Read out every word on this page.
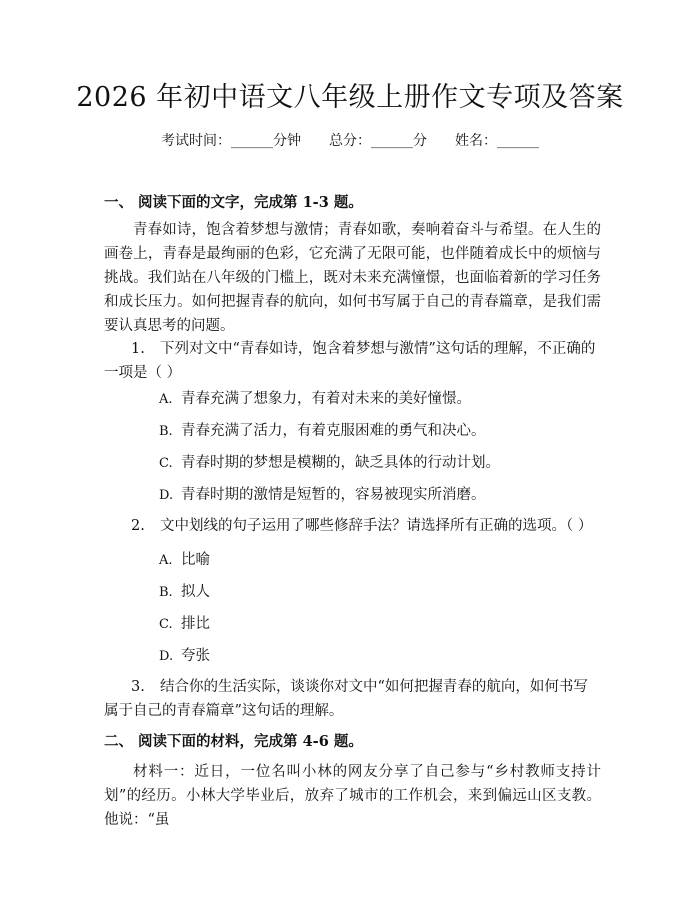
2026 年初中语文八年级上册作文专项及答案
考试时间：______分钟 总分：______分 姓名：______
一、 阅读下面的文字，完成第 1-3 题。
青春如诗，饱含着梦想与激情；青春如歌，奏响着奋斗与希望。在人生的画卷上，青春是最绚丽的色彩，它充满了无限可能，也伴随着成长中的烦恼与挑战。我们站在八年级的门槛上，既对未来充满憧憬，也面临着新的学习任务和成长压力。如何把握青春的航向，如何书写属于自己的青春篇章，是我们需要认真思考的问题。
1. 下列对文中“青春如诗，饱含着梦想与激情”这句话的理解，不正确的一项是（ ）
A. 青春充满了想象力，有着对未来的美好憧憬。
B. 青春充满了活力，有着克服困难的勇气和决心。
C. 青春时期的梦想是模糊的，缺乏具体的行动计划。
D. 青春时期的激情是短暂的，容易被现实所消磨。
2. 文中划线的句子运用了哪些修辞手法？请选择所有正确的选项。（ ）
A. 比喻
B. 拟人
C. 排比
D. 夸张
3. 结合你的生活实际，谈谈你对文中“如何把握青春的航向，如何书写属于自己的青春篇章”这句话的理解。
二、 阅读下面的材料，完成第 4-6 题。
材料一：近日，一位名叫小林的网友分享了自己参与“乡村教师支持计划”的经历。小林大学毕业后，放弃了城市的工作机会，来到偏远山区支教。他说：“虽
